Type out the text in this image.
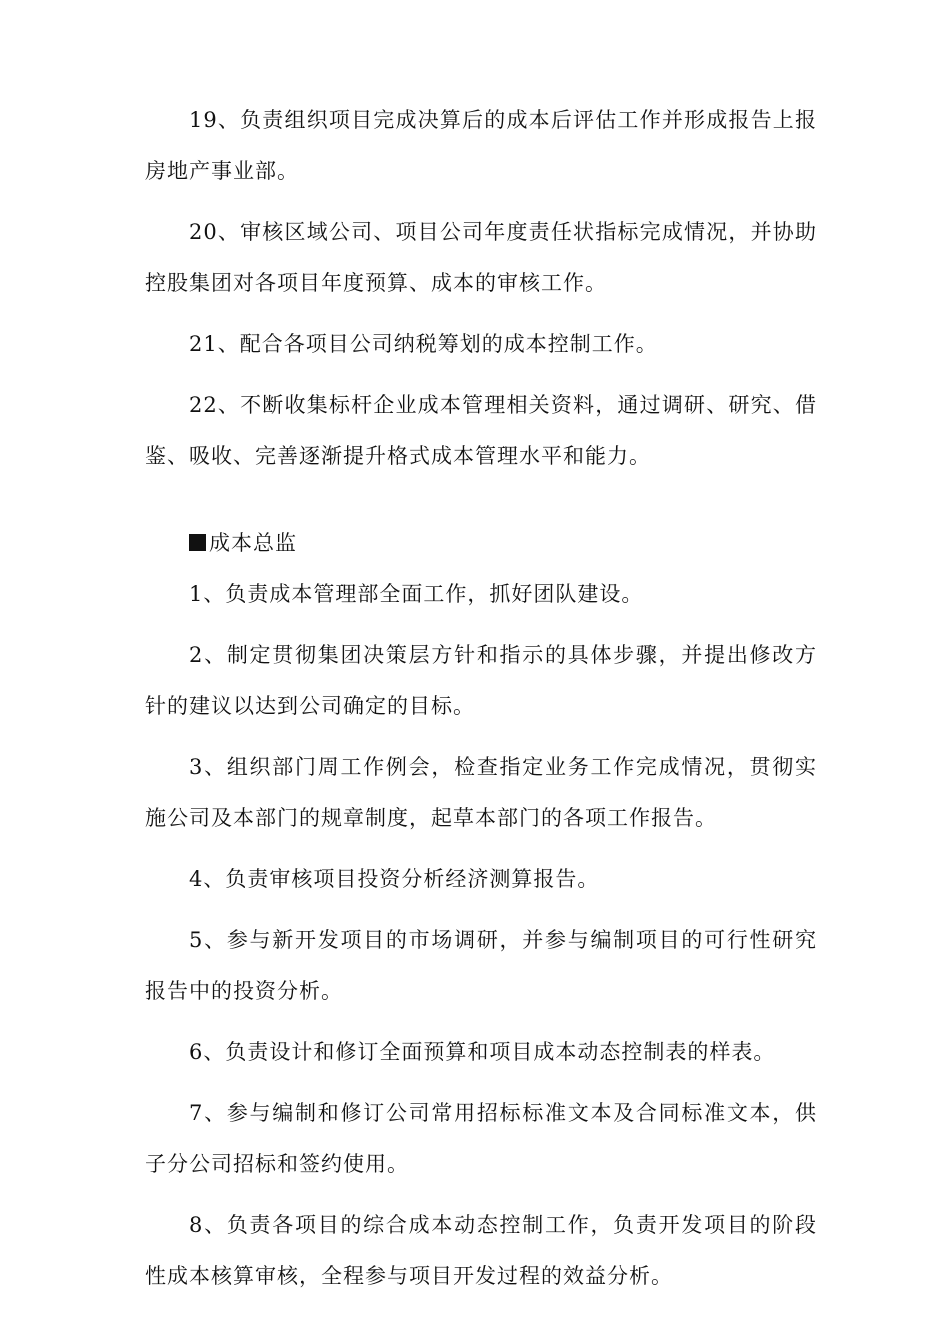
19、负责组织项目完成决算后的成本后评估工作并形成报告上报房地产事业部。

20、审核区域公司、项目公司年度责任状指标完成情况，并协助控股集团对各项目年度预算、成本的审核工作。

21、配合各项目公司纳税筹划的成本控制工作。

22、不断收集标杆企业成本管理相关资料，通过调研、研究、借鉴、吸收、完善逐渐提升格式成本管理水平和能力。

成本总监

1、负责成本管理部全面工作，抓好团队建设。

2、制定贯彻集团决策层方针和指示的具体步骤，并提出修改方针的建议以达到公司确定的目标。

3、组织部门周工作例会，检查指定业务工作完成情况，贯彻实施公司及本部门的规章制度，起草本部门的各项工作报告。

4、负责审核项目投资分析经济测算报告。

5、参与新开发项目的市场调研，并参与编制项目的可行性研究报告中的投资分析。

6、负责设计和修订全面预算和项目成本动态控制表的样表。

7、参与编制和修订公司常用招标标准文本及合同标准文本，供子分公司招标和签约使用。

8、负责各项目的综合成本动态控制工作，负责开发项目的阶段性成本核算审核，全程参与项目开发过程的效益分析。
